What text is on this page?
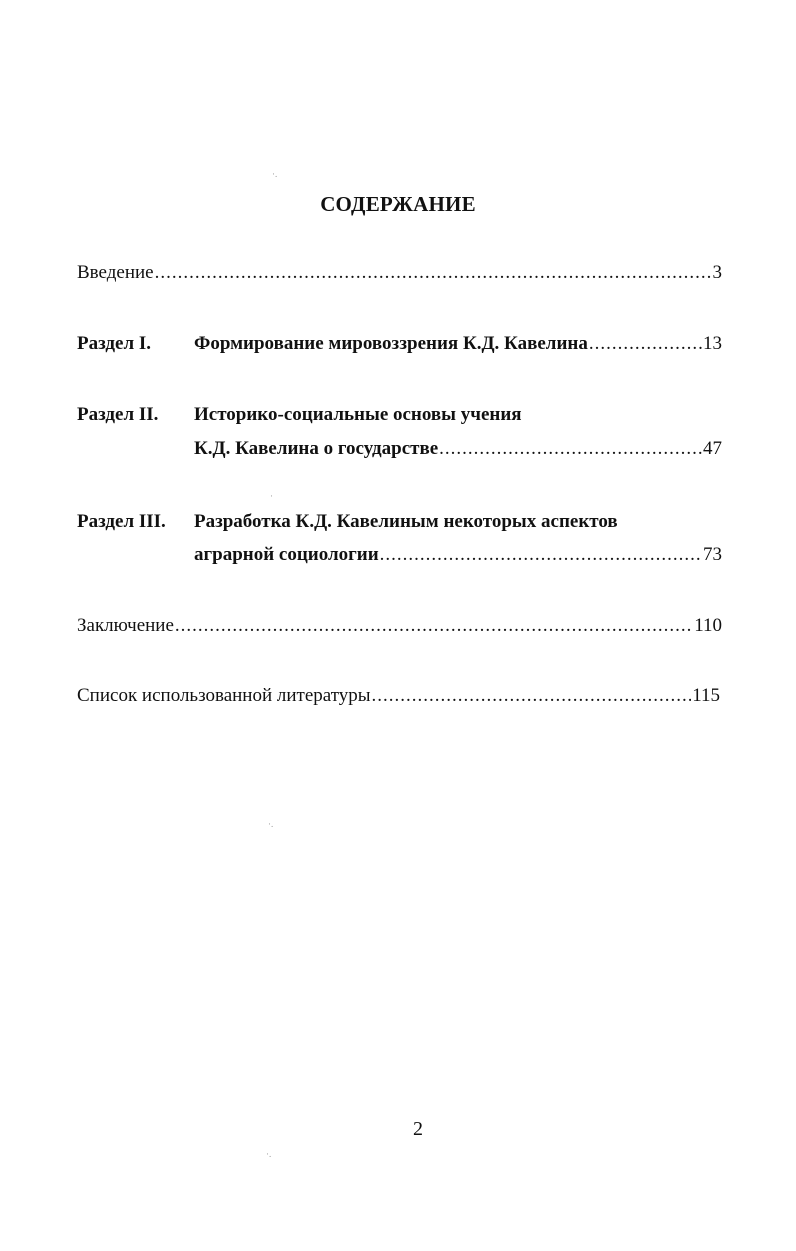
СОДЕРЖАНИЕ
Введение .....	3
Раздел I. Формирование мировоззрения К.Д. Кавелина .....	13
Раздел II. Историко-социальные основы учения
К.Д. Кавелина о государстве .....	47
Раздел III. Разработка К.Д. Кавелиным некоторых аспектов
аграрной социологии .....	73
Заключение .....	110
Список использованной литературы .....	115
·.
·
·.
·.
2
